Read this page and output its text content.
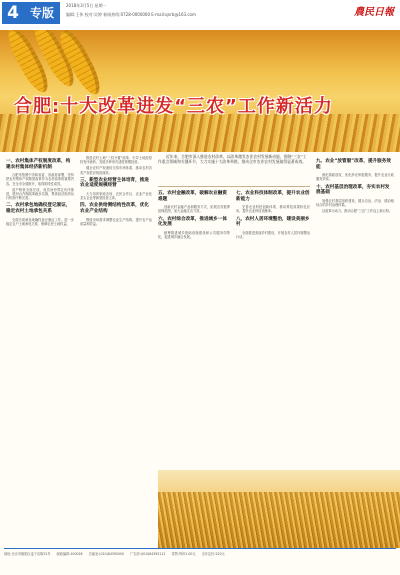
4 专版
2018年3月5日 星期一
编辑:王伟 校对:吴婷 新闻热线:0728-0000000 E-mail:qnrb@163.com	農民日報
合肥:十大改革进发“三农”工作新活力
近年来，合肥市深入推进农村改革，以改革激发农业农村发展新动能，围绕“三农”工作重点领域和关键环节，大力实施十大改革举措，推动全市农业农村发展取得显著成效。
一、农村集体产权制度改革，构建农村集体经济新机制

合肥市按照中央和省委、省政府部署，坚持把农村集体产权制度改革作为农村改革的重要内容，在全市全面推开，取得阶段性成效。

清产核资全面完成，成员身份界定有序推进，股份合作制改革稳步实施，集体经济组织运行机制不断完善。

二、农村承包地确权登记颁证，稳定农村土地承包关系

全面完成承包地确权登记颁证工作，进一步稳定农户土地承包关系，保障农民土地权益。

推进农村土地“三权分置”改革，引导土地经营权有序流转，发展多种形式适度规模经营。

健全农村产权流转交易市场体系，推动农村各类产权依法规范流转。

三、新型农业经营主体培育，推进农业适度规模经营

大力培育家庭农场、农民合作社、农业产业化龙头企业等新型经营主体。

四、农业供给侧结构性改革，优化农业产业结构

围绕市场需求调整农业生产结构，提升农产品质量和效益。

五、农村金融改革，破解农业融资难题

创新农村金融产品和服务方式，拓展农村抵押担保范围，加大金融支农力度。

六、农村综合改革，推进城乡一体化发展

统筹推进城乡基础设施建设和公共服务均等化，促进城乡融合发展。

七、农业科技体制改革，提升农业创新能力

完善农业科技创新体系，推动科技成果转化应用，提升农业科技贡献率。

八、农村人居环境整治，建设美丽乡村

全面推进美丽乡村建设，开展农村人居环境整治行动。

九、农业“放管服”改革，提升服务效能

深化简政放权，优化涉农审批服务，提升农业行政服务效率。

十、农村基层治理改革，夯实农村发展基础

加强农村基层组织建设，健全自治、法治、德治相结合的乡村治理体系。

以改革为动力，推动合肥“三农”工作迈上新台阶。

地址:北京市朝阳区麦子店街22号 邮政编码:100026 总编室:(010)84395000 广告部:(010)84395112 零售:每份1.00元 全年定价:220元
